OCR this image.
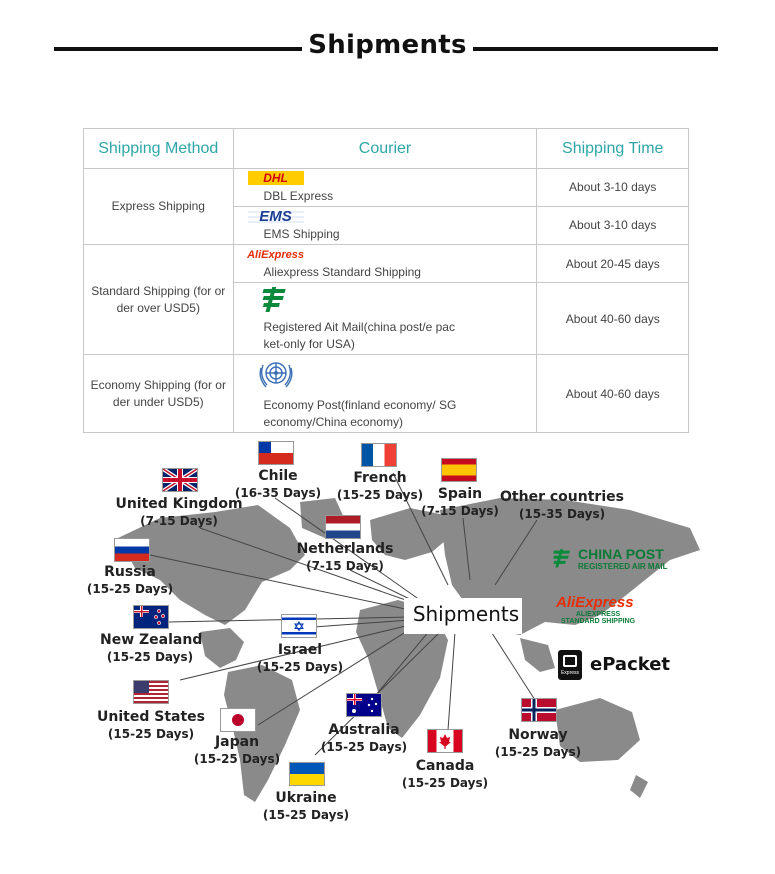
Shipments
Shipping Method	Courier	Shipping Time
Express Shipping	DHLDBL Express	About 3-10 days
	EMSEMS Shipping	About 3-10 days
Standard Shipping (for or der over USD5)	AliExpressAliexpress Standard Shipping	About 20-45 days
	Registered Ait Mail(china post/e pac ket-only for USA)	About 40-60 days
Economy Shipping (for or der under USD5)	Economy Post(finland economy/ SG economy/China economy)	About 40-60 days
Shipments
Chile
(16-35 Days)
French
(15-25 Days)	Spain
(7-15 Days)
Other countries
(15-35 Days)
United Kingdom
(7-15 Days)
Netherlands
(7-15 Days)
Russia
(15-25 Days)
New Zealand
(15-25 Days)	Israel
(15-25 Days)
United States
(15-25 Days)	Japan
(15-25 Days)
Australia
(15-25 Days)
Canada
(15-25 Days)
Norway
(15-25 Days)
Ukraine
(15-25 Days)
CHINA POST
REGISTERED AIR MAIL
AliExpress
ALIEXPRESS
STANDARD SHIPPING
Express ePacket
